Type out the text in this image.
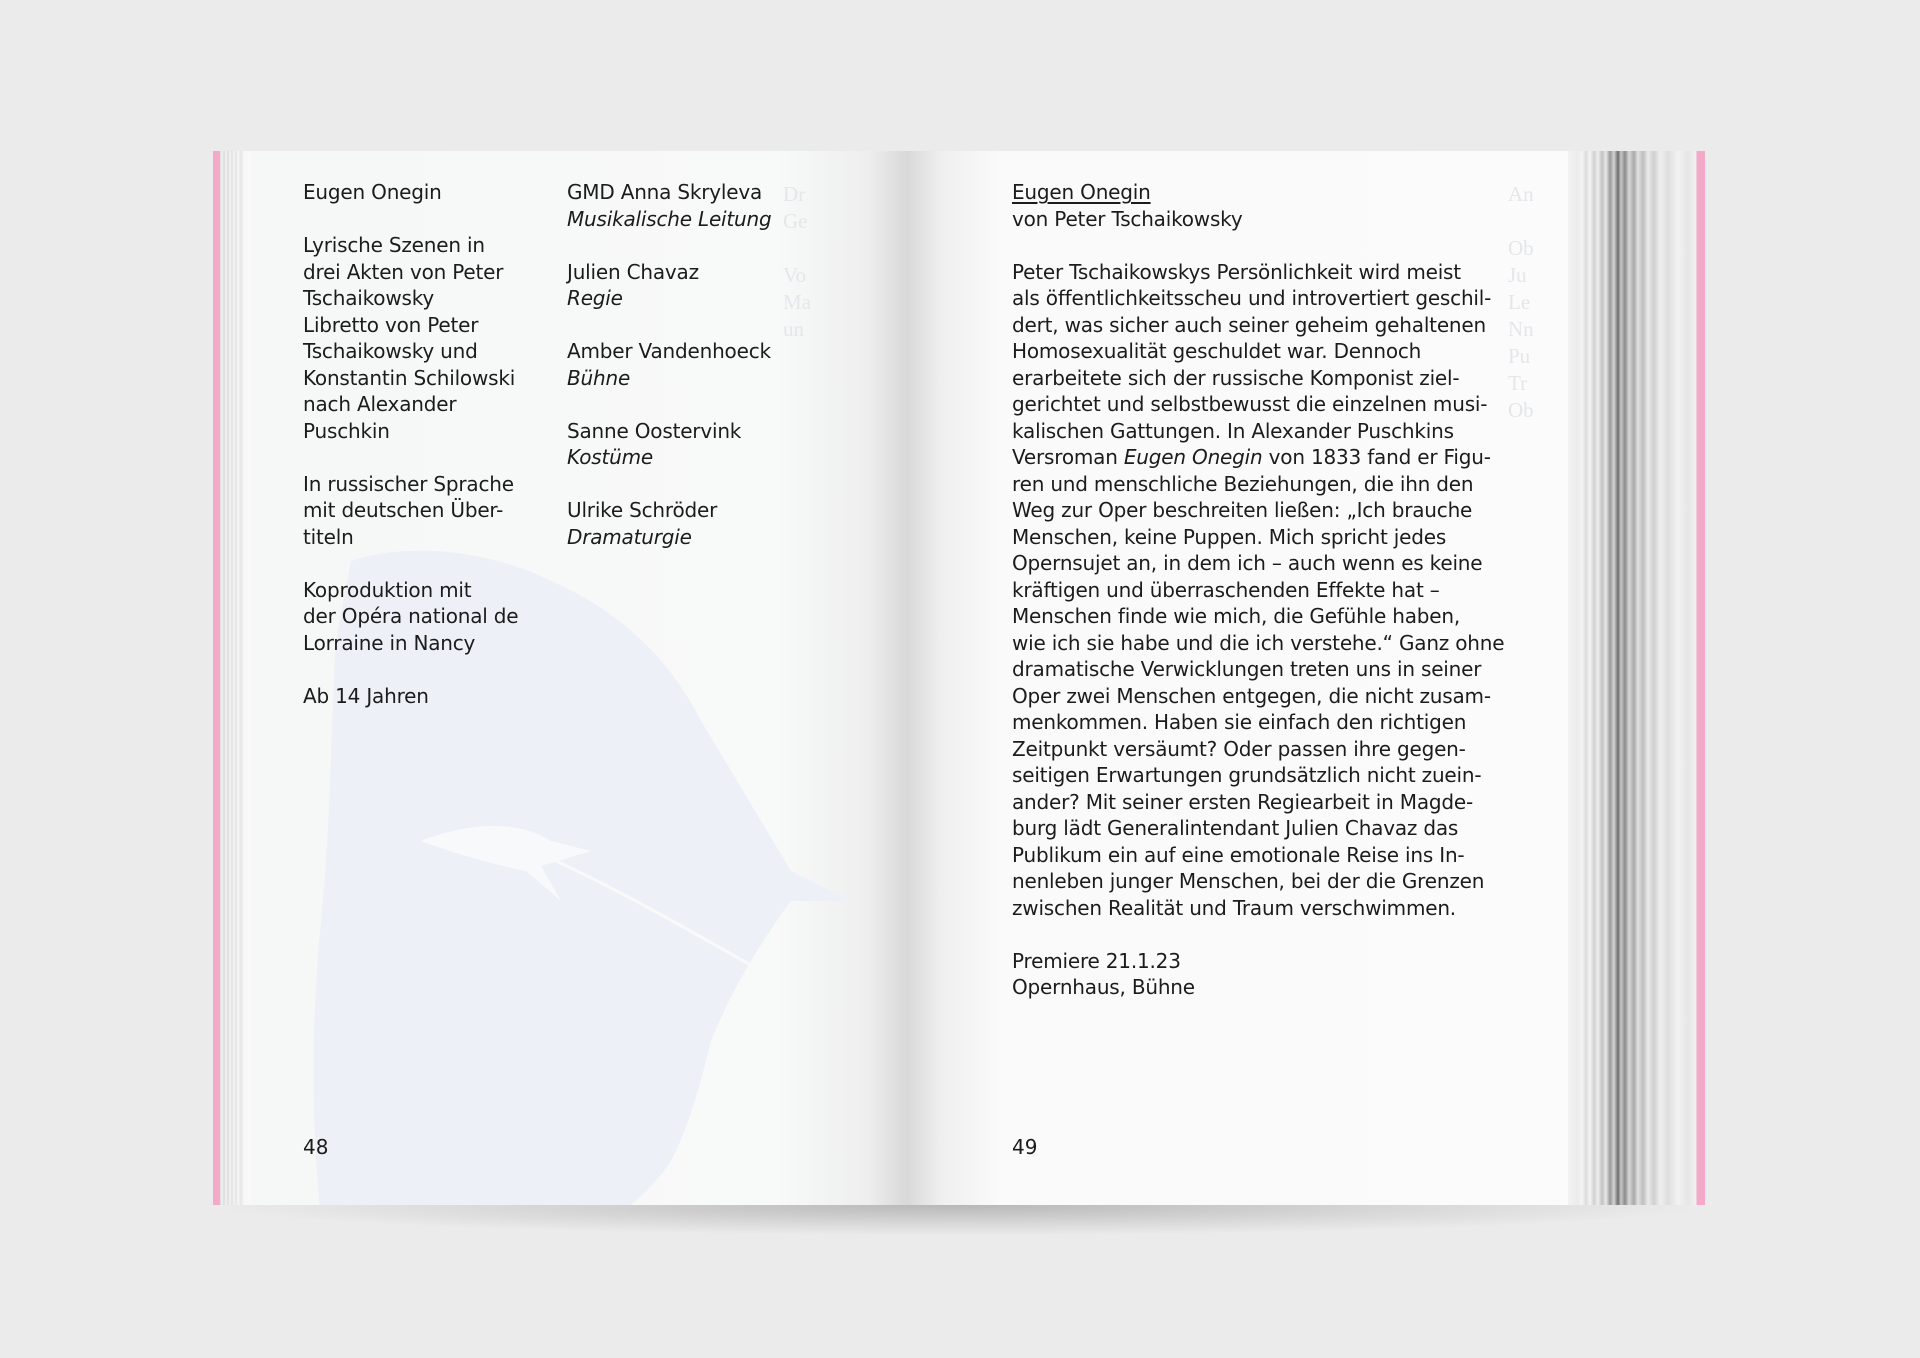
Dr
Ge

Vo
Ma
un
Eugen Onegin
Lyrische Szenen in
drei Akten von Peter
Tschaikowsky
Libretto von Peter
Tschaikowsky und
Konstantin Schilowski
nach Alexander
Puschkin
In russischer Sprache
mit deutschen Über-
titeln
Koproduktion mit
der Opéra national de
Lorraine in Nancy
Ab 14 Jahren
GMD Anna Skryleva
Musikalische Leitung
Julien Chavaz
Regie
Amber Vandenhoeck
Bühne
Sanne Oostervink
Kostüme
Ulrike Schröder
Dramaturgie
48
An

Ob
Ju
Le
Nn
Pu
Tr
Ob
Eugen Onegin
von Peter Tschaikowsky
Peter Tschaikowskys Persönlichkeit wird meist
als öffentlichkeitsscheu und introvertiert geschil-
dert, was sicher auch seiner geheim gehaltenen
Homosexualität geschuldet war. Dennoch
erarbeitete sich der russische Komponist ziel-
gerichtet und selbstbewusst die einzelnen musi-
kalischen Gattungen. In Alexander Puschkins
Versroman Eugen Onegin von 1833 fand er Figu-
ren und menschliche Beziehungen, die ihn den
Weg zur Oper beschreiten ließen: „Ich brauche
Menschen, keine Puppen. Mich spricht jedes
Opernsujet an, in dem ich – auch wenn es keine
kräftigen und überraschenden Effekte hat –
Menschen finde wie mich, die Gefühle haben,
wie ich sie habe und die ich verstehe.“ Ganz ohne
dramatische Verwicklungen treten uns in seiner
Oper zwei Menschen entgegen, die nicht zusam-
menkommen. Haben sie einfach den richtigen
Zeitpunkt versäumt? Oder passen ihre gegen-
seitigen Erwartungen grundsätzlich nicht zuein-
ander? Mit seiner ersten Regiearbeit in Magde-
burg lädt Generalintendant Julien Chavaz das
Publikum ein auf eine emotionale Reise ins In-
nenleben junger Menschen, bei der die Grenzen
zwischen Realität und Traum verschwimmen.
Premiere 21.1.23
Opernhaus, Bühne
49
